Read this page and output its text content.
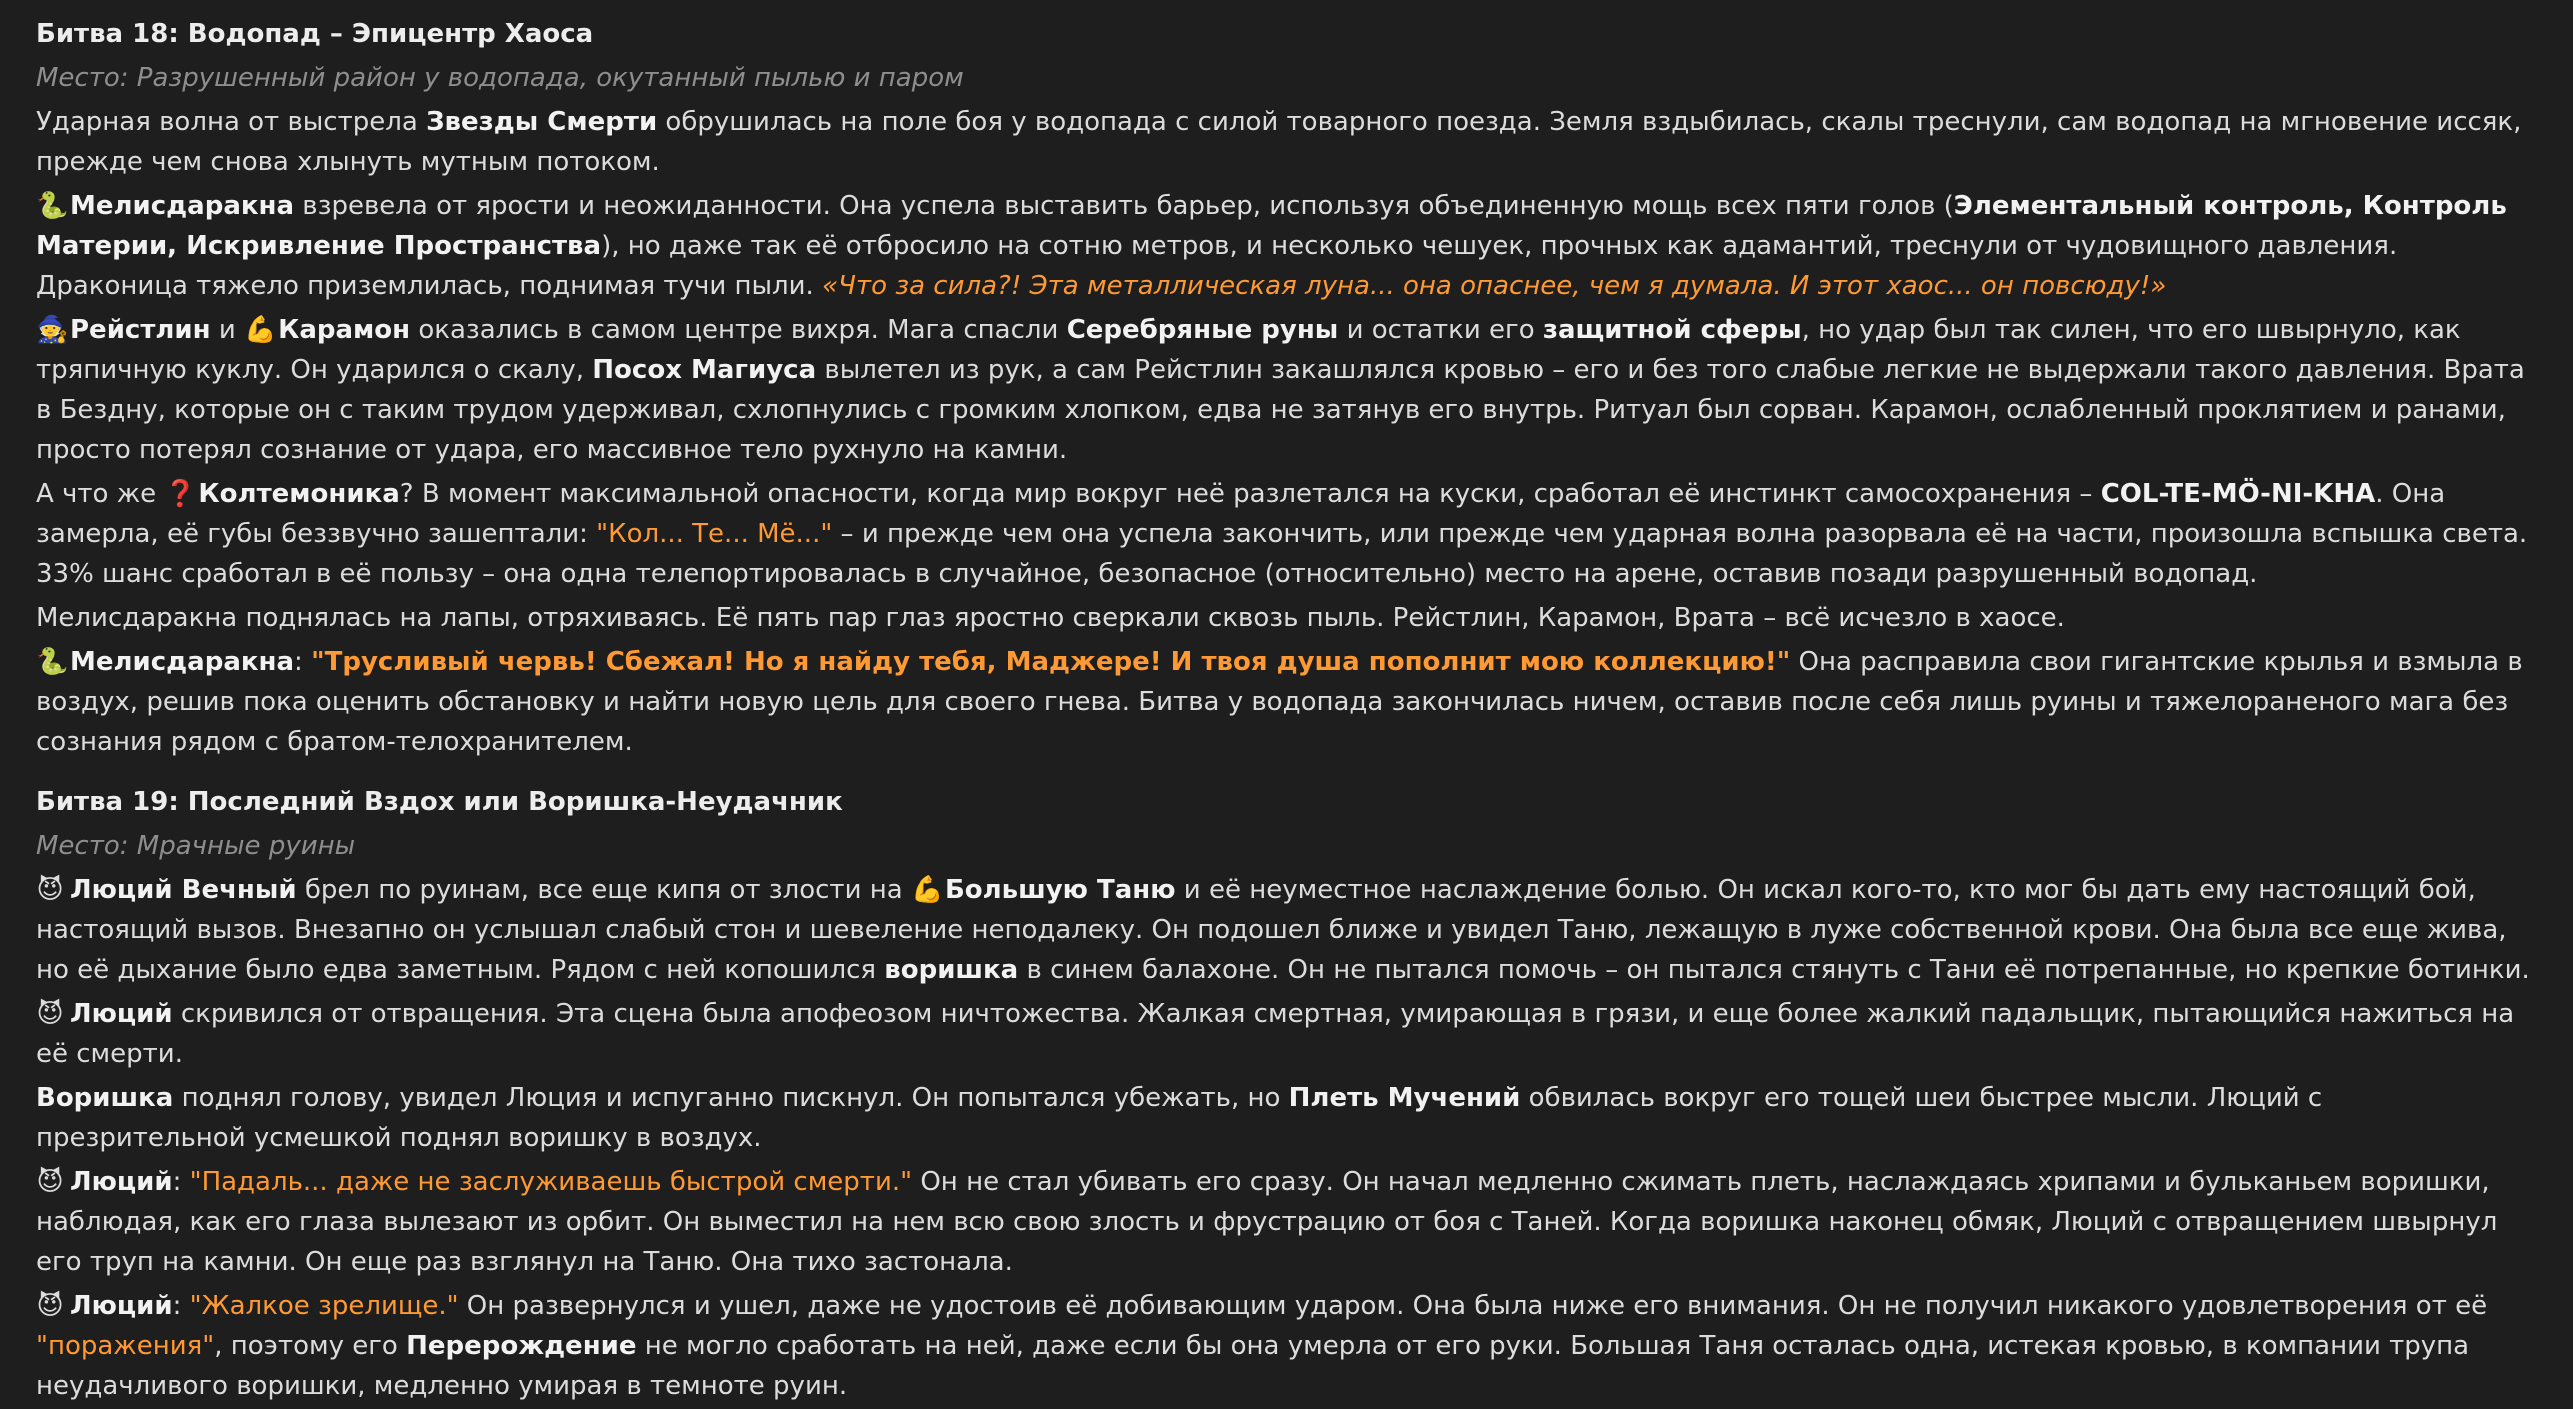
Битва 18: Водопад – Эпицентр Хаоса
Место: Разрушенный район у водопада, окутанный пылью и паром

Ударная волна от выстрела Звезды Смерти обрушилась на поле боя у водопада с силой товарного поезда. Земля вздыбилась, скалы треснули, сам водопад на мгновение иссяк, прежде чем снова хлынуть мутным потоком.

🐍Мелисдаракна взревела от ярости и неожиданности. Она успела выставить барьер, используя объединенную мощь всех пяти голов (Элементальный контроль, Контроль Материи, Искривление Пространства), но даже так её отбросило на сотню метров, и несколько чешуек, прочных как адамантий, треснули от чудовищного давления. Драконица тяжело приземлилась, поднимая тучи пыли. «Что за сила?! Эта металлическая луна... она опаснее, чем я думала. И этот хаос... он повсюду!»

🧙Рейстлин и 💪Карамон оказались в самом центре вихря. Мага спасли Серебряные руны и остатки его защитной сферы, но удар был так силен, что его швырнуло, как тряпичную куклу. Он ударился о скалу, Посох Магиуса вылетел из рук, а сам Рейстлин закашлялся кровью – его и без того слабые легкие не выдержали такого давления. Врата в Бездну, которые он с таким трудом удерживал, схлопнулись с громким хлопком, едва не затянув его внутрь. Ритуал был сорван. Карамон, ослабленный проклятием и ранами, просто потерял сознание от удара, его массивное тело рухнуло на камни.

А что же ❓Колтемоника? В момент максимальной опасности, когда мир вокруг неё разлетался на куски, сработал её инстинкт самосохранения – COL-TE-MÖ-NI-KHA. Она замерла, её губы беззвучно зашептали: "Кол... Те... Мё..." – и прежде чем она успела закончить, или прежде чем ударная волна разорвала её на части, произошла вспышка света. 33% шанс сработал в её пользу – она одна телепортировалась в случайное, безопасное (относительно) место на арене, оставив позади разрушенный водопад.

Мелисдаракна поднялась на лапы, отряхиваясь. Её пять пар глаз яростно сверкали сквозь пыль. Рейстлин, Карамон, Врата – всё исчезло в хаосе.

🐍Мелисдаракна: "Трусливый червь! Сбежал! Но я найду тебя, Маджере! И твоя душа пополнит мою коллекцию!" Она расправила свои гигантские крылья и взмыла в воздух, решив пока оценить обстановку и найти новую цель для своего гнева. Битва у водопада закончилась ничем, оставив после себя лишь руины и тяжелораненого мага без сознания рядом с братом-телохранителем.

Битва 19: Последний Вздох или Воришка-Неудачник
Место: Мрачные руины

😈 Люций Вечный брел по руинам, все еще кипя от злости на 💪Большую Таню и её неуместное наслаждение болью. Он искал кого-то, кто мог бы дать ему настоящий бой, настоящий вызов. Внезапно он услышал слабый стон и шевеление неподалеку. Он подошел ближе и увидел Таню, лежащую в луже собственной крови. Она была все еще жива, но её дыхание было едва заметным. Рядом с ней копошился воришка в синем балахоне. Он не пытался помочь – он пытался стянуть с Тани её потрепанные, но крепкие ботинки.

😈 Люций скривился от отвращения. Эта сцена была апофеозом ничтожества. Жалкая смертная, умирающая в грязи, и еще более жалкий падальщик, пытающийся нажиться на её смерти.

Воришка поднял голову, увидел Люция и испуганно пискнул. Он попытался убежать, но Плеть Мучений обвилась вокруг его тощей шеи быстрее мысли. Люций с презрительной усмешкой поднял воришку в воздух.

😈 Люций: "Падаль... даже не заслуживаешь быстрой смерти." Он не стал убивать его сразу. Он начал медленно сжимать плеть, наслаждаясь хрипами и бульканьем воришки, наблюдая, как его глаза вылезают из орбит. Он выместил на нем всю свою злость и фрустрацию от боя с Таней. Когда воришка наконец обмяк, Люций с отвращением швырнул его труп на камни. Он еще раз взглянул на Таню. Она тихо застонала.

😈 Люций: "Жалкое зрелище." Он развернулся и ушел, даже не удостоив её добивающим ударом. Она была ниже его внимания. Он не получил никакого удовлетворения от её "поражения", поэтому его Перерождение не могло сработать на ней, даже если бы она умерла от его руки. Большая Таня осталась одна, истекая кровью, в компании трупа неудачливого воришки, медленно умирая в темноте руин.
